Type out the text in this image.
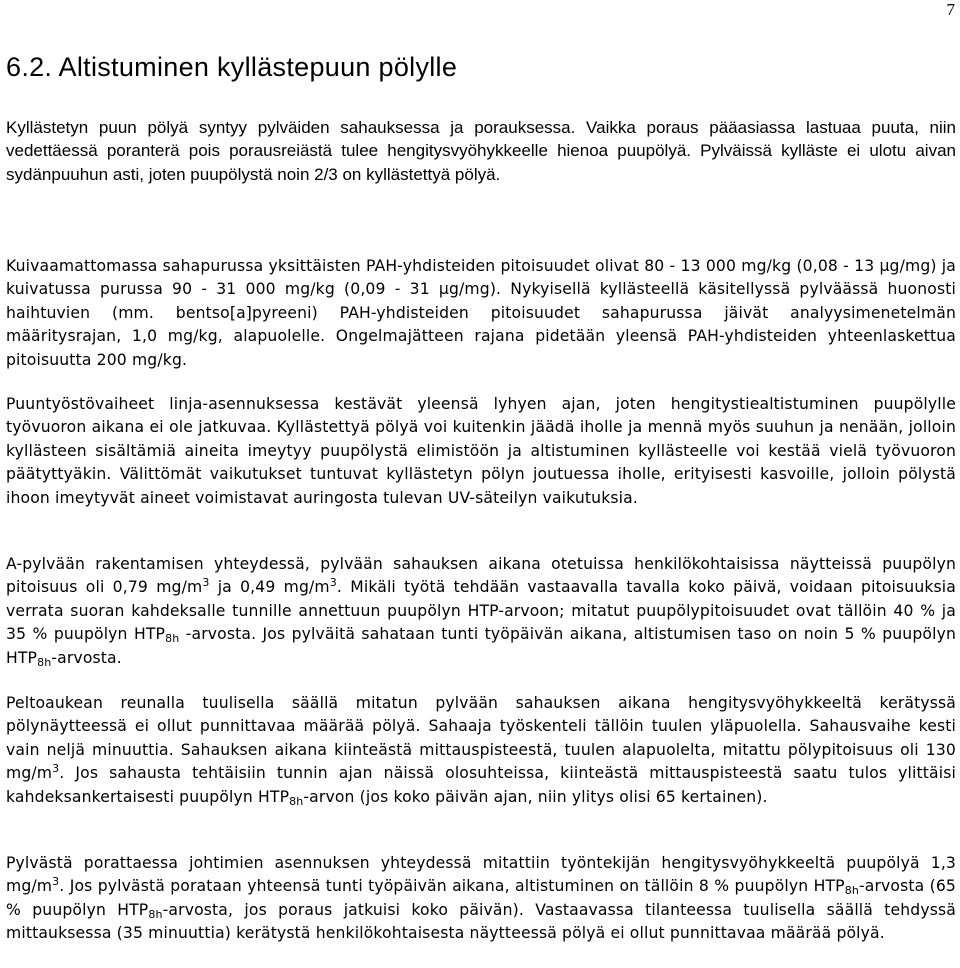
7
6.2. Altistuminen kyllästepuun pölylle

Kyllästetyn puun pölyä syntyy pylväiden sahauksessa ja porauksessa. Vaikka poraus pääasiassa lastuaa puuta, niin vedettäessä poranterä pois porausreiästä tulee hengitysvyöhykkeelle hienoa puupölyä. Pylväissä kylläste ei ulotu aivan sydänpuuhun asti, joten puupölystä noin 2/3 on kyllästettyä pölyä.

Kuivaamattomassa sahapurussa yksittäisten PAH-yhdisteiden pitoisuudet olivat 80 - 13 000 mg/kg (0,08 - 13 μg/mg) ja kuivatussa purussa 90 - 31 000 mg/kg (0,09 - 31 μg/mg). Nykyisellä kyllästeellä käsitellyssä pylväässä huonosti haihtuvien (mm. bentso[a]pyreeni) PAH-yhdisteiden pitoisuudet sahapurussa jäivät analyysimenetelmän määritysrajan, 1,0 mg/kg, alapuolelle. Ongelmajätteen rajana pidetään yleensä PAH-yhdisteiden yhteenlaskettua pitoisuutta 200 mg/kg.

Puuntyöstövaiheet linja-asennuksessa kestävät yleensä lyhyen ajan, joten hengitystiealtistuminen puupölylle työvuoron aikana ei ole jatkuvaa. Kyllästettyä pölyä voi kuitenkin jäädä iholle ja mennä myös suuhun ja nenään, jolloin kyllästeen sisältämiä aineita imeytyy puupölystä elimistöön ja altistuminen kyllästeelle voi kestää vielä työvuoron päätyttyäkin. Välittömät vaikutukset tuntuvat kyllästetyn pölyn joutuessa iholle, erityisesti kasvoille, jolloin pölystä ihoon imeytyvät aineet voimistavat auringosta tulevan UV-säteilyn vaikutuksia.

A-pylvään rakentamisen yhteydessä, pylvään sahauksen aikana otetuissa henkilökohtaisissa näytteissä puupölyn pitoisuus oli 0,79 $mg/m^3$ ja 0,49 $mg/m^3$. Mikäli työtä tehdään vastaavalla tavalla koko päivä, voidaan pitoisuuksia verrata suoran kahdeksalle tunnille annettuun puupölyn HTP-arvoon; mitatut puupölypitoisuudet ovat tällöin 40 % ja 35 % puupölyn $HTP_{8h}$ -arvosta. Jos pylväitä sahataan tunti työpäivän aikana, altistumisen taso on noin 5 % puupölyn $HTP_{8h}$-arvosta.

Peltoaukean reunalla tuulisella säällä mitatun pylvään sahauksen aikana hengitysvyöhykkeeltä kerätyssä pölynäytteessä ei ollut punnittavaa määrää pölyä. Sahaaja työskenteli tällöin tuulen yläpuolella. Sahausvaihe kesti vain neljä minuuttia. Sahauksen aikana kiinteästä mittauspisteestä, tuulen alapuolelta, mitattu pölypitoisuus oli 130 $mg/m^3$. Jos sahausta tehtäisiin tunnin ajan näissä olosuhteissa, kiinteästä mittauspisteestä saatu tulos ylittäisi kahdeksankertaisesti puupölyn $HTP_{8h}$-arvon (jos koko päivän ajan, niin ylitys olisi 65 kertainen).

Pylvästä porattaessa johtimien asennuksen yhteydessä mitattiin työntekijän hengitysvyöhykkeeltä puupölyä 1,3 $mg/m^3$. Jos pylvästä porataan yhteensä tunti työpäivän aikana, altistuminen on tällöin 8 % puupölyn $HTP_{8h}$-arvosta (65 % puupölyn $HTP_{8h}$-arvosta, jos poraus jatkuisi koko päivän). Vastaavassa tilanteessa tuulisella säällä tehdyssä mittauksessa (35 minuuttia) kerätystä henkilökohtaisesta näytteessä pölyä ei ollut punnittavaa määrää pölyä.
